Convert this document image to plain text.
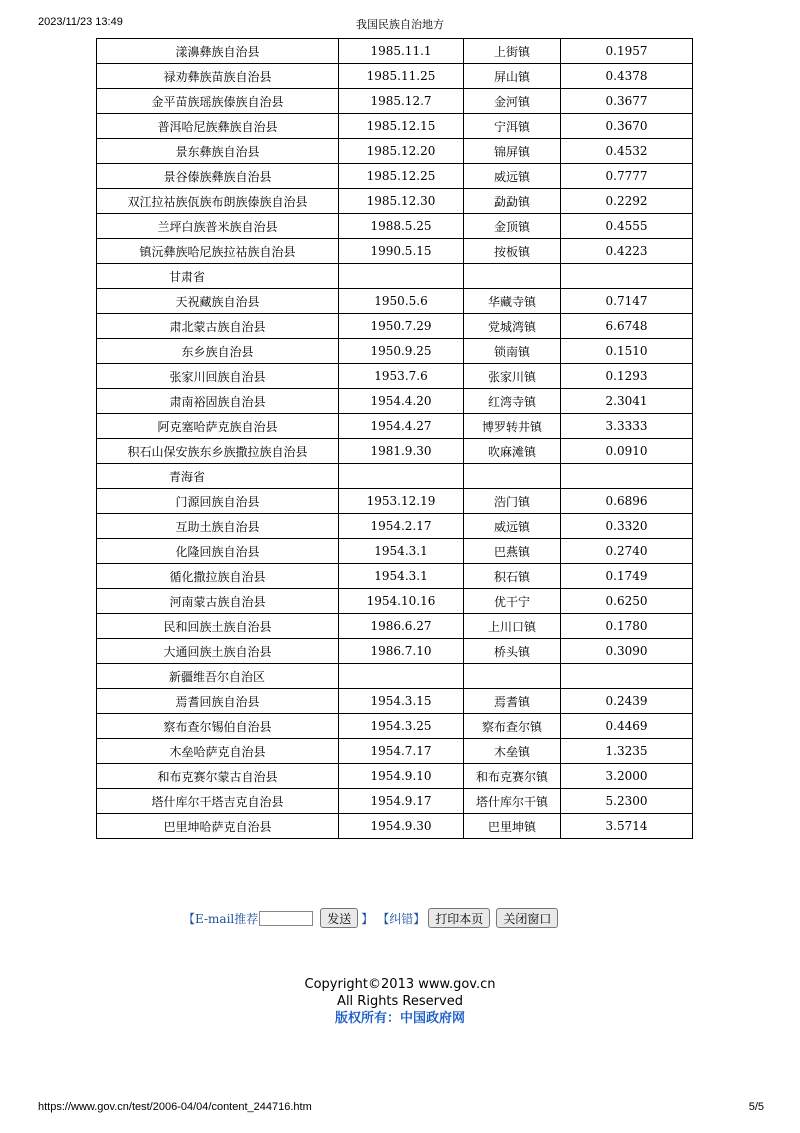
2023/11/23 13:49	我国民族自治地方
漾濞彝族自治县	1985.11.1	上街镇	0.1957
禄劝彝族苗族自治县	1985.11.25	屏山镇	0.4378
金平苗族瑶族傣族自治县	1985.12.7	金河镇	0.3677
普洱哈尼族彝族自治县	1985.12.15	宁洱镇	0.3670
景东彝族自治县	1985.12.20	锦屏镇	0.4532
景谷傣族彝族自治县	1985.12.25	威远镇	0.7777
双江拉祜族佤族布朗族傣族自治县	1985.12.30	勐勐镇	0.2292
兰坪白族普米族自治县	1988.5.25	金顶镇	0.4555
镇沅彝族哈尼族拉祜族自治县	1990.5.15	按板镇	0.4223
甘肃省			
天祝藏族自治县	1950.5.6	华藏寺镇	0.7147
肃北蒙古族自治县	1950.7.29	党城湾镇	6.6748
东乡族自治县	1950.9.25	锁南镇	0.1510
张家川回族自治县	1953.7.6	张家川镇	0.1293
肃南裕固族自治县	1954.4.20	红湾寺镇	2.3041
阿克塞哈萨克族自治县	1954.4.27	博罗转井镇	3.3333
积石山保安族东乡族撒拉族自治县	1981.9.30	吹麻滩镇	0.0910
青海省			
门源回族自治县	1953.12.19	浩门镇	0.6896
互助土族自治县	1954.2.17	威远镇	0.3320
化隆回族自治县	1954.3.1	巴燕镇	0.2740
循化撒拉族自治县	1954.3.1	积石镇	0.1749
河南蒙古族自治县	1954.10.16	优干宁	0.6250
民和回族土族自治县	1986.6.27	上川口镇	0.1780
大通回族土族自治县	1986.7.10	桥头镇	0.3090
新疆维吾尔自治区			
焉耆回族自治县	1954.3.15	焉耆镇	0.2439
察布查尔锡伯自治县	1954.3.25	察布查尔镇	0.4469
木垒哈萨克自治县	1954.7.17	木垒镇	1.3235
和布克赛尔蒙古自治县	1954.9.10	和布克赛尔镇	3.2000
塔什库尔干塔吉克自治县	1954.9.17	塔什库尔干镇	5.2300
巴里坤哈萨克自治县	1954.9.30	巴里坤镇	3.5714
【E-mail推荐	发送 】 【纠错】 打印本页	关闭窗口
Copyright©2013 www.gov.cn
All Rights Reserved
版权所有：中国政府网
https://www.gov.cn/test/2006-04/04/content_244716.htm	5/5
